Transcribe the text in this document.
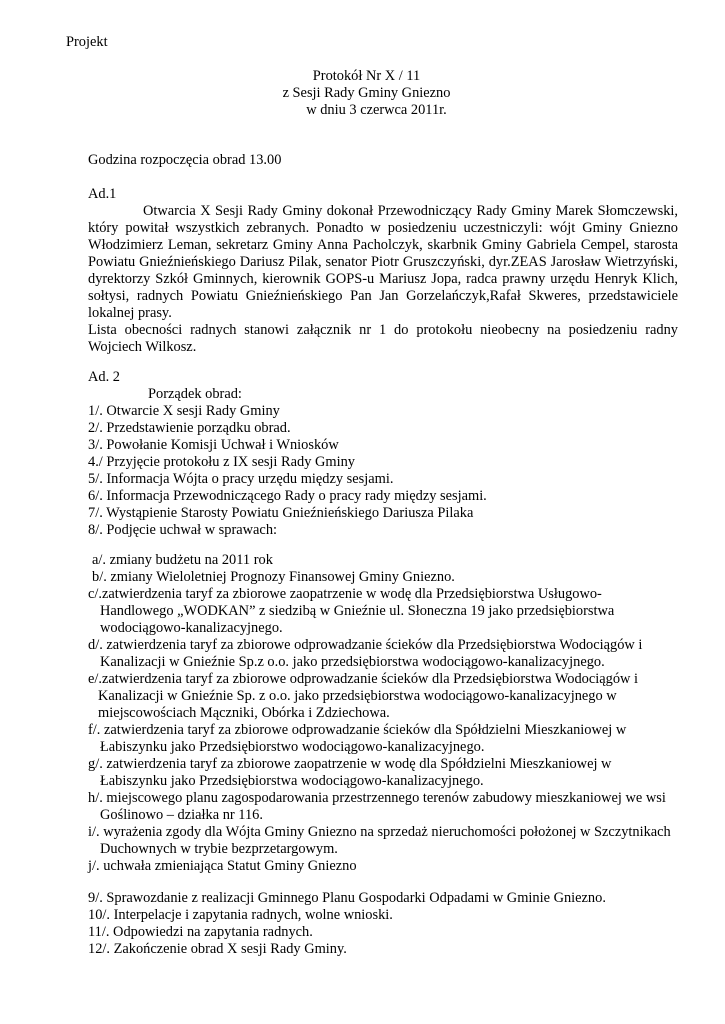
Projekt
Protokół Nr X / 11
z Sesji Rady Gminy Gniezno
w dniu 3 czerwca 2011r.
Godzina rozpoczęcia obrad 13.00
Ad.1
Otwarcia X Sesji Rady Gminy dokonał Przewodniczący Rady Gminy Marek Słomczewski, który powitał wszystkich zebranych. Ponadto w posiedzeniu uczestniczyli: wójt Gminy Gniezno Włodzimierz Leman, sekretarz Gminy Anna Pacholczyk, skarbnik Gminy Gabriela Cempel, starosta Powiatu Gnieźnieńskiego Dariusz Pilak, senator Piotr Gruszczyński, dyr.ZEAS Jarosław Wietrzyński, dyrektorzy Szkół Gminnych, kierownik GOPS-u Mariusz Jopa, radca prawny urzędu Henryk Klich, sołtysi, radnych Powiatu Gnieźnieńskiego Pan Jan Gorzelańczyk,Rafał Skweres, przedstawiciele lokalnej prasy.
Lista obecności radnych stanowi załącznik nr 1 do protokołu nieobecny na posiedzeniu radny Wojciech Wilkosz.
Ad. 2
Porządek obrad:
1/. Otwarcie X sesji Rady Gminy
2/. Przedstawienie porządku obrad.
3/. Powołanie Komisji Uchwał i Wniosków
4./ Przyjęcie protokołu z IX sesji Rady Gminy
5/. Informacja Wójta o pracy urzędu między sesjami.
6/. Informacja Przewodniczącego Rady o pracy rady między sesjami.
7/. Wystąpienie Starosty Powiatu Gnieźnieńskiego Dariusza Pilaka
8/. Podjęcie uchwał w sprawach:
a/. zmiany budżetu na 2011 rok
b/. zmiany Wieloletniej Prognozy Finansowej Gminy Gniezno.
c/.zatwierdzenia taryf za zbiorowe zaopatrzenie w wodę dla Przedsiębiorstwa Usługowo-
Handlowego „WODKAN” z siedzibą w Gnieźnie ul. Słoneczna 19 jako przedsiębiorstwa
wodociągowo-kanalizacyjnego.
d/. zatwierdzenia taryf za zbiorowe odprowadzanie ścieków dla Przedsiębiorstwa Wodociągów i
Kanalizacji w Gnieźnie Sp.z o.o. jako przedsiębiorstwa wodociągowo-kanalizacyjnego.
e/.zatwierdzenia taryf za zbiorowe odprowadzanie ścieków dla Przedsiębiorstwa Wodociągów i
Kanalizacji w Gnieźnie Sp. z o.o. jako przedsiębiorstwa wodociągowo-kanalizacyjnego w
miejscowościach Mączniki, Obórka i Zdziechowa.
f/. zatwierdzenia taryf za zbiorowe odprowadzanie ścieków dla Spółdzielni Mieszkaniowej w
Łabiszynku jako Przedsiębiorstwo wodociągowo-kanalizacyjnego.
g/. zatwierdzenia taryf za zbiorowe zaopatrzenie w wodę dla Spółdzielni Mieszkaniowej w
Łabiszynku jako Przedsiębiorstwa wodociągowo-kanalizacyjnego.
h/. miejscowego planu zagospodarowania przestrzennego terenów zabudowy mieszkaniowej we wsi
Goślinowo – działka nr 116.
i/. wyrażenia zgody dla Wójta Gminy Gniezno na sprzedaż nieruchomości położonej w Szczytnikach
Duchownych w trybie bezprzetargowym.
j/. uchwała zmieniająca Statut Gminy Gniezno
9/. Sprawozdanie z realizacji Gminnego Planu Gospodarki Odpadami w Gminie Gniezno.
10/. Interpelacje i zapytania radnych, wolne wnioski.
11/. Odpowiedzi na zapytania radnych.
12/. Zakończenie obrad X sesji Rady Gminy.
